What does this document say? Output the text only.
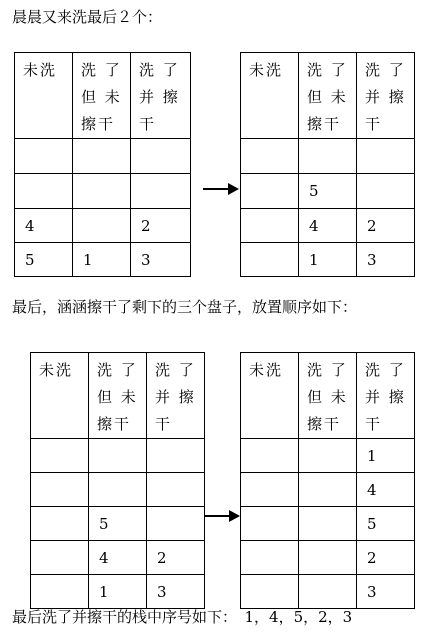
晨晨又来洗最后２个：
未洗	洗 了 但 未 擦干	洗 了 并 擦 干

4		2
5	1	3
未洗	洗 了 但 未 擦干	洗 了 并 擦 干

	5	
	4	2
	1	3
最后，涵涵擦干了剩下的三个盘子，放置顺序如下：
未洗	洗 了 但 未 擦干	洗 了 并 擦 干

	5	
	4	2
	1	3
未洗	洗 了 但 未 擦干	洗 了 并 擦 干
		1
		4
		5
		2
		3
最后洗了并擦干的栈中序号如下：　1，4，5，2，3
